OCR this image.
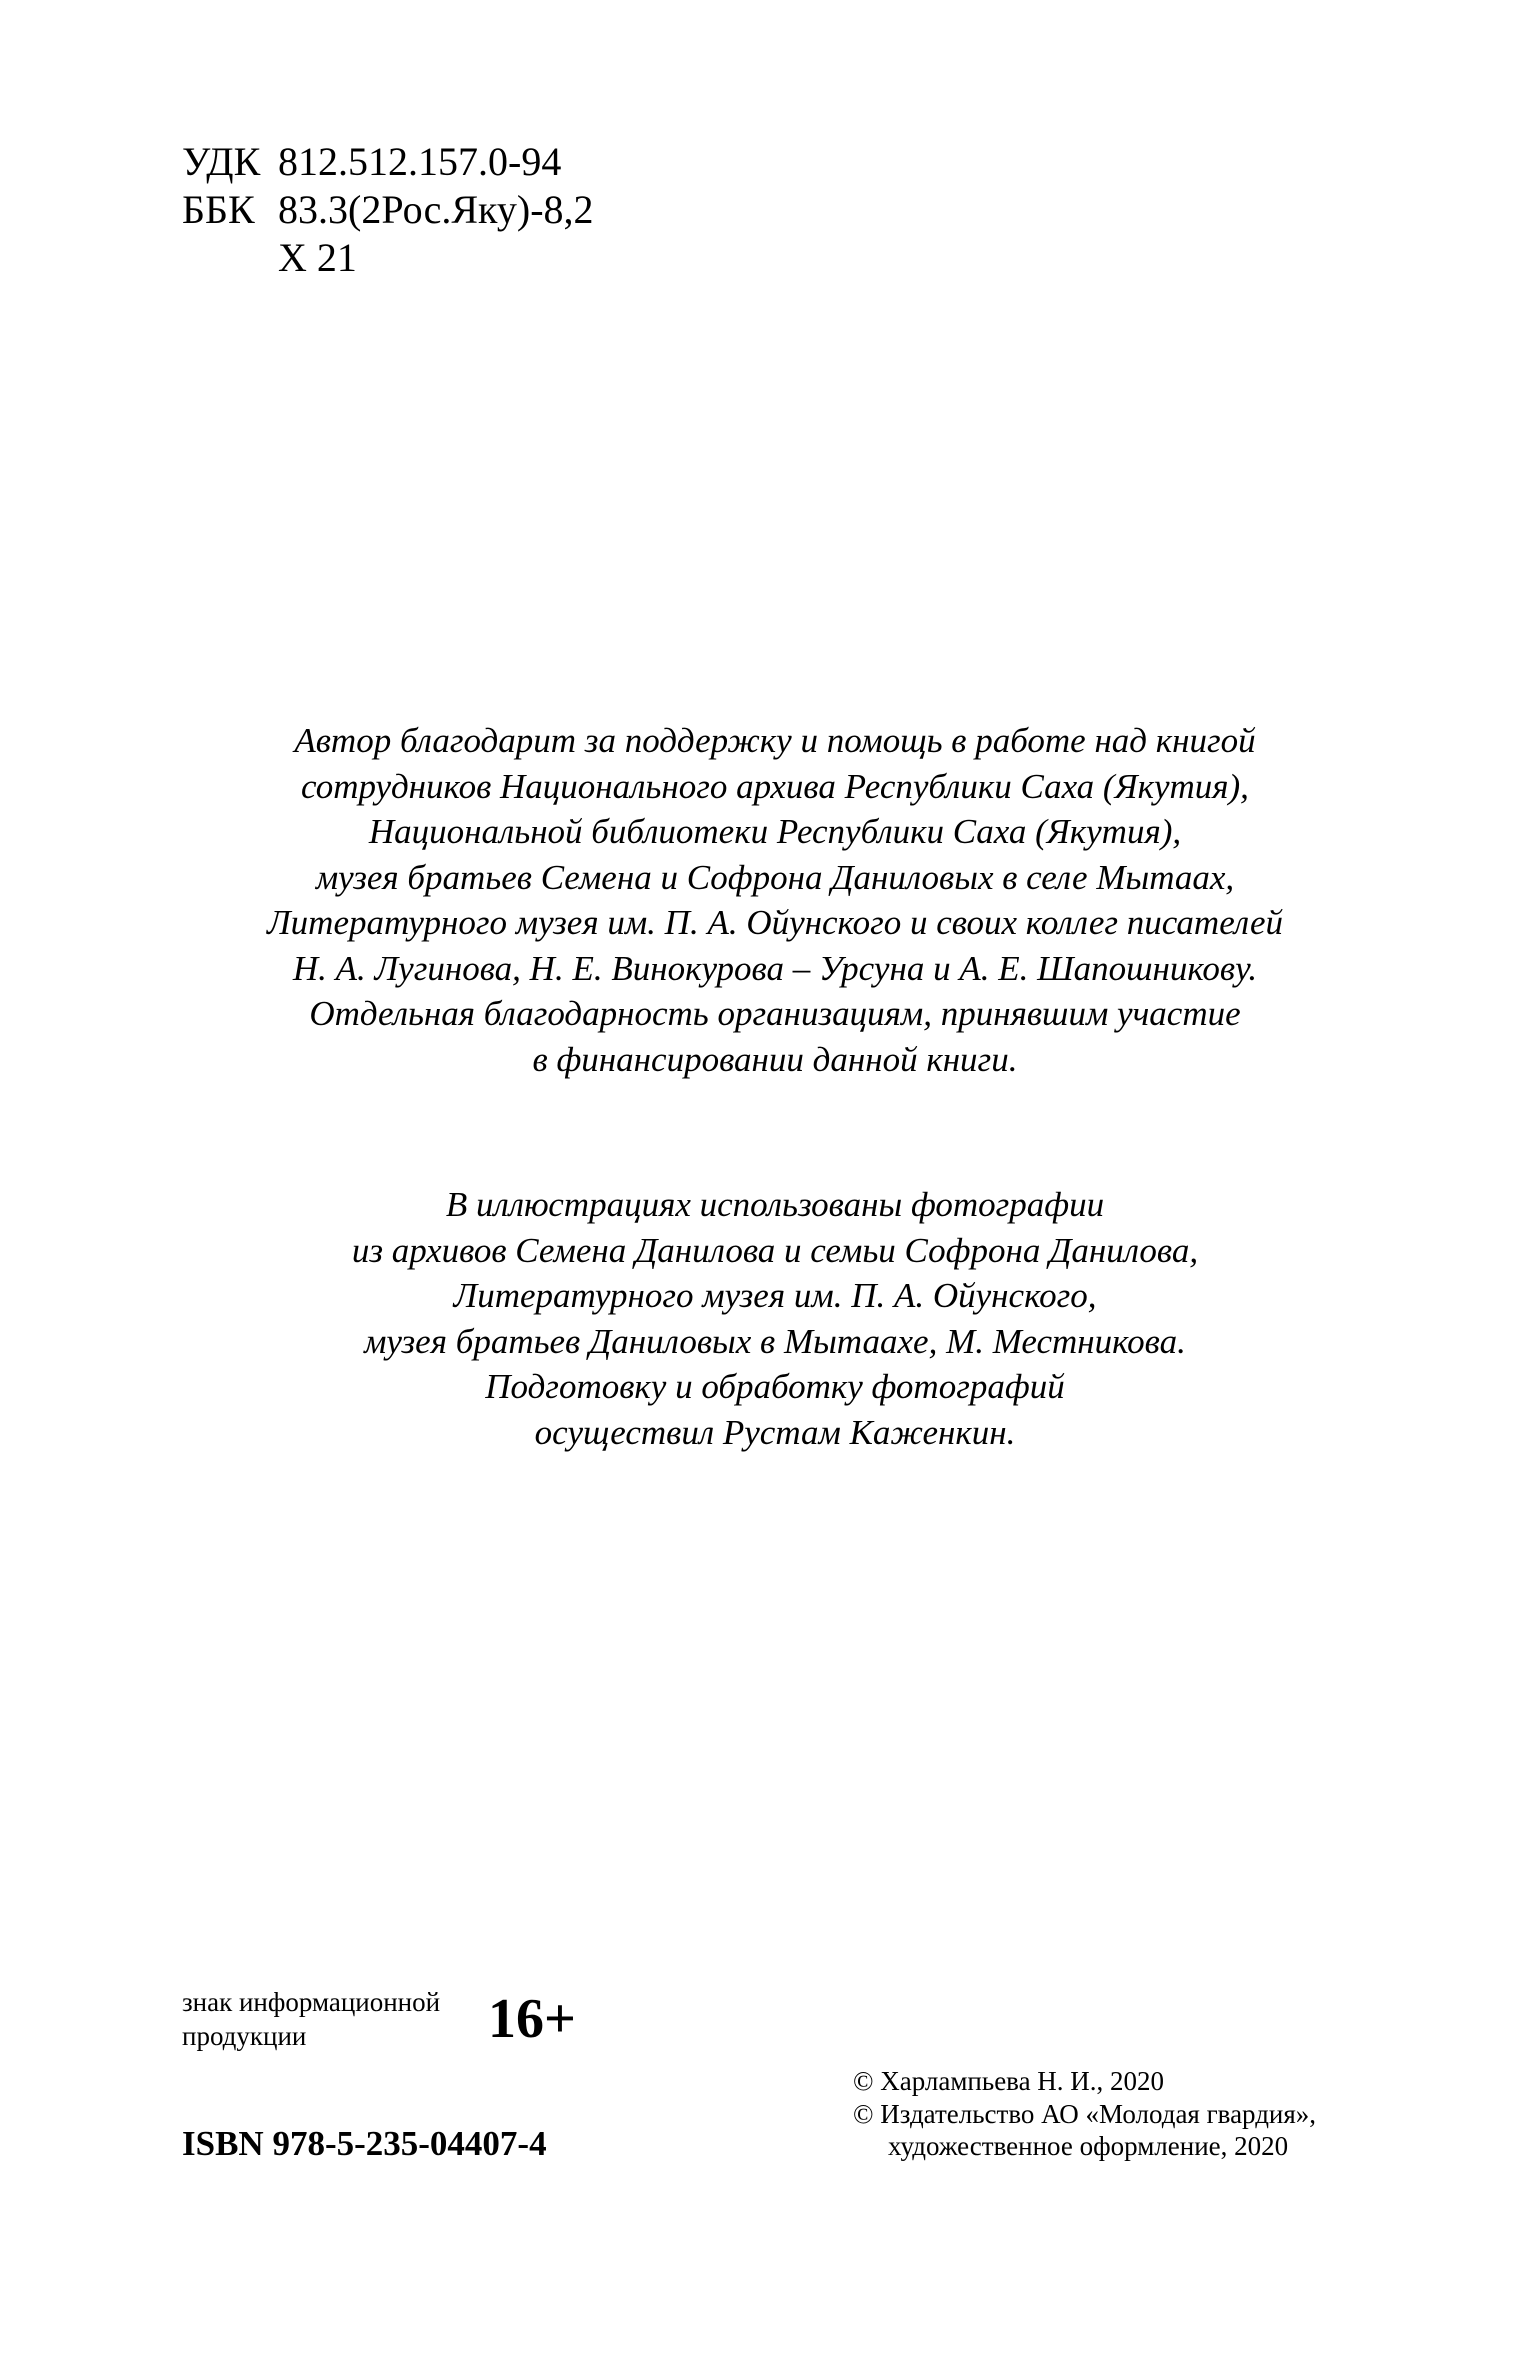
УДК 812.512.157.0-94
ББК 83.3(2Рос.Яку)-8,2
Х 21
Автор благодарит за поддержку и помощь в работе над книгой
сотрудников Национального архива Республики Саха (Якутия),
Национальной библиотеки Республики Саха (Якутия),
музея братьев Семена и Софрона Даниловых в селе Мытаах,
Литературного музея им. П. А. Ойунского и своих коллег писателей
Н. А. Лугинова, Н. Е. Винокурова – Урсуна и А. Е. Шапошникову.
Отдельная благодарность организациям, принявшим участие
в финансировании данной книги.
В иллюстрациях использованы фотографии
из архивов Семена Данилова и семьи Софрона Данилова,
Литературного музея им. П. А. Ойунского,
музея братьев Даниловых в Мытаахе, М. Местникова.
Подготовку и обработку фотографий
осуществил Рустам Каженкин.
знак информационной
продукции	16+
ISBN 978-5-235-04407-4
© Харлампьева Н. И., 2020
© Издательство АО «Молодая гвардия»,
художественное оформление, 2020
